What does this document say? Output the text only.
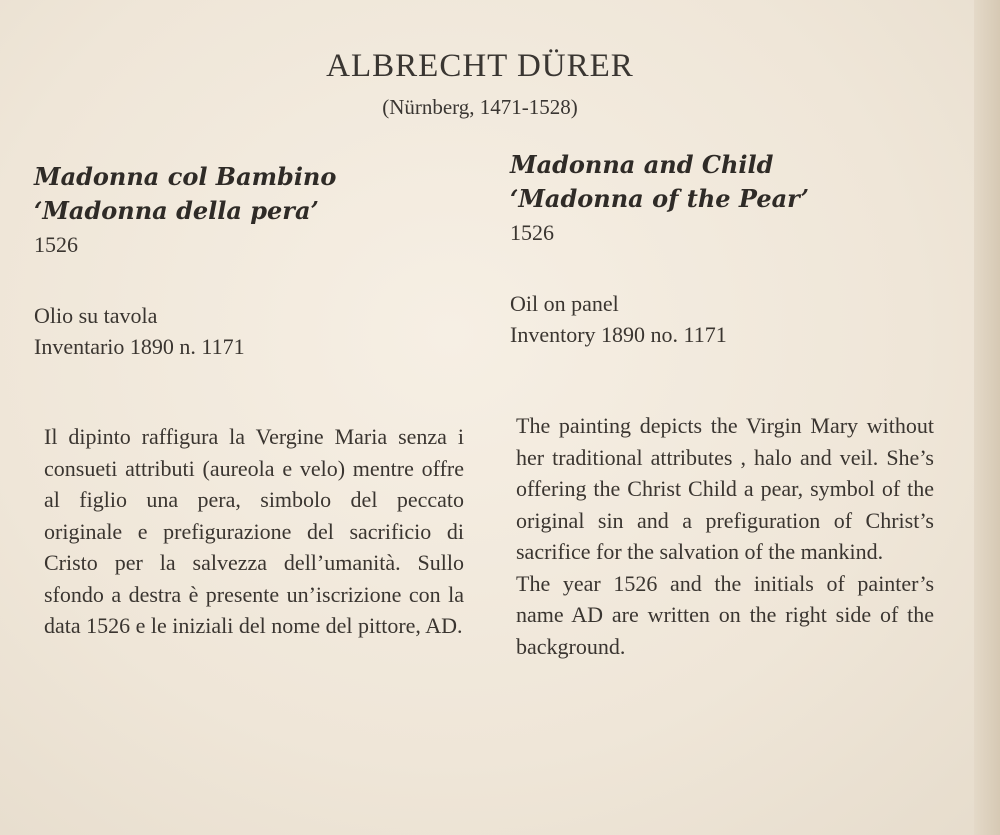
ALBRECHT DÜRER
(Nürnberg, 1471-1528)
Madonna col Bambino
‘Madonna della pera’
1526
Olio su tavola
Inventario 1890 n. 1171
Madonna and Child
‘Madonna of the Pear’
1526
Oil on panel
Inventory 1890 no. 1171

Il dipinto raffigura la Vergine Maria senza i consueti attributi (aureola e velo) mentre offre al figlio una pera, simbolo del peccato originale e prefigurazione del sacrificio di Cristo per la salvezza dell’umanità. Sullo sfondo a destra è presente un’iscrizione con la data 1526 e le iniziali del nome del pittore, AD.

The painting depicts the Virgin Mary without her traditional attributes , halo and veil. She’s offering the Christ Child a pear, symbol of the original sin and a prefiguration of Christ’s sacrifice for the salvation of the mankind.

The year 1526 and the initials of painter’s name AD are written on the right side of the background.
